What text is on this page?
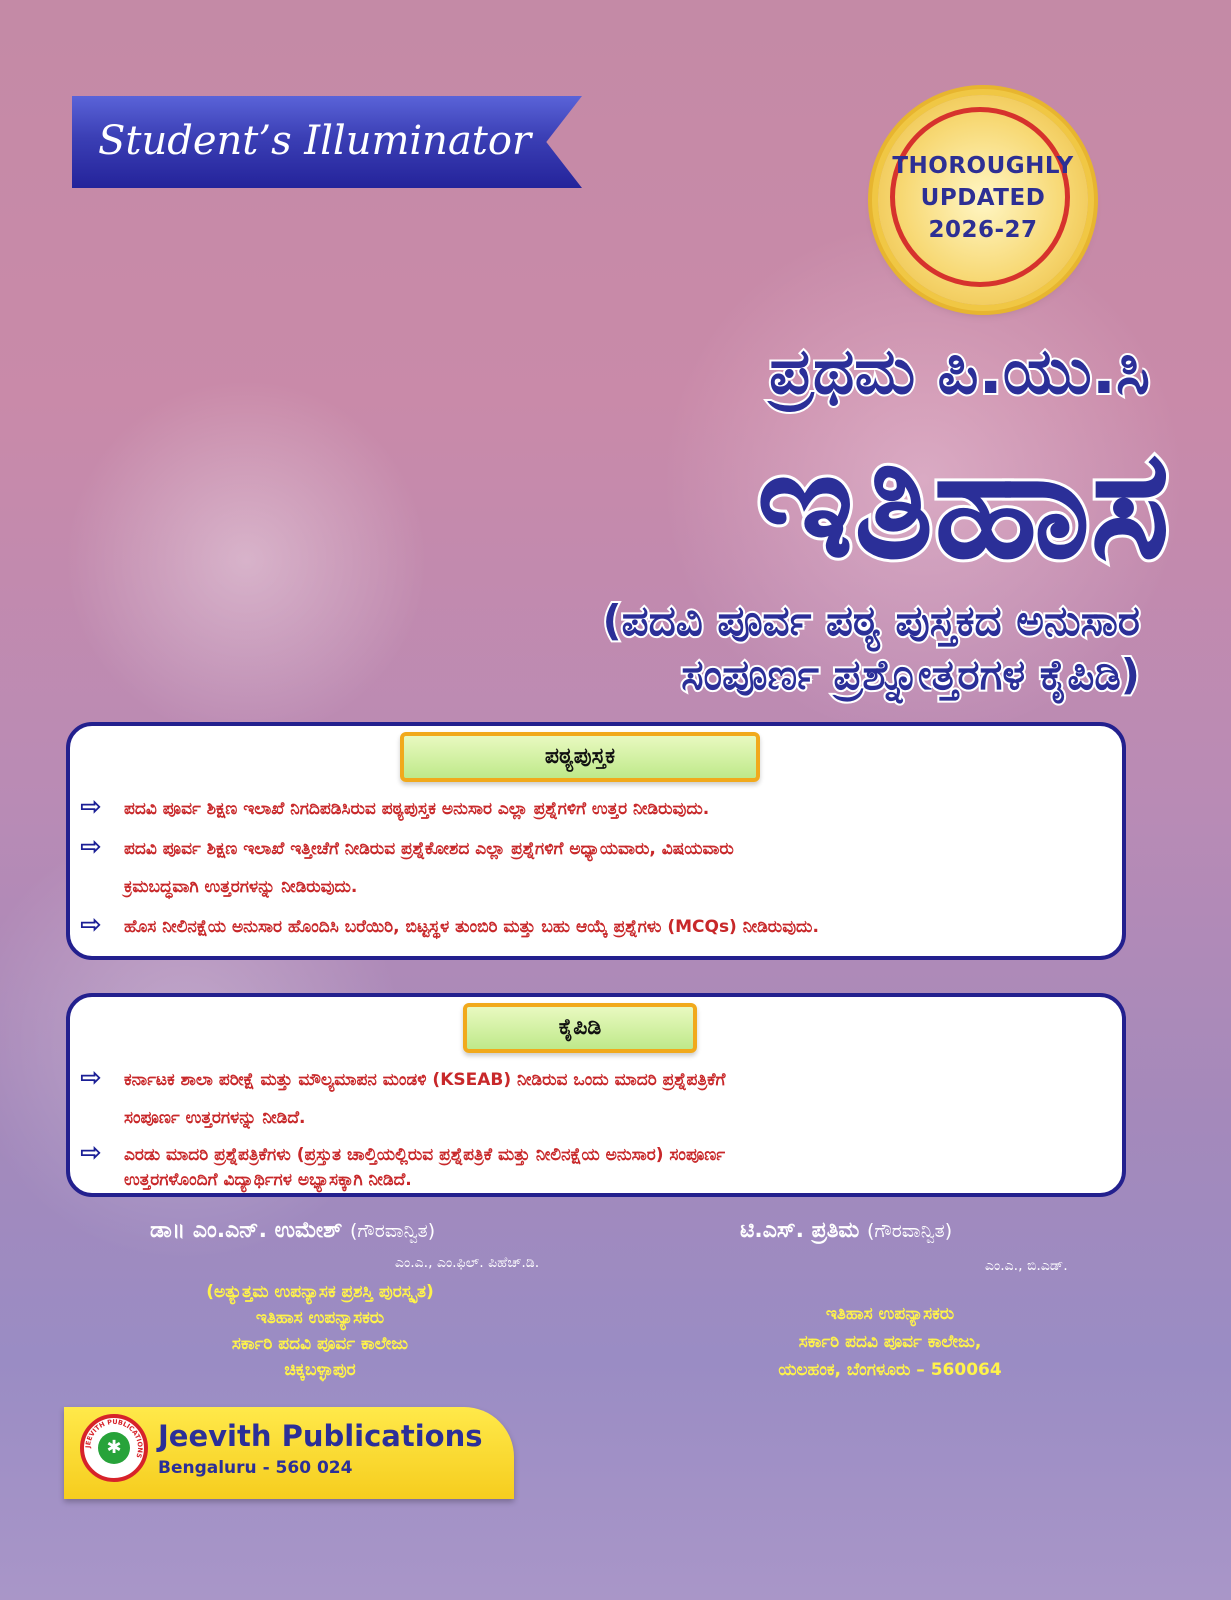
Student’s Illuminator
THOROUGHLY
UPDATED
2026-27
ಪ್ರಥಮ ಪಿ.ಯು.ಸಿ
ಇತಿಹಾಸ
(ಪದವಿ ಪೂರ್ವ ಪಠ್ಯ ಪುಸ್ತಕದ ಅನುಸಾರ
ಸಂಪೂರ್ಣ ಪ್ರಶ್ನೋತ್ತರಗಳ ಕೈಪಿಡಿ)
ಪಠ್ಯಪುಸ್ತಕ
⇨ ಪದವಿ ಪೂರ್ವ ಶಿಕ್ಷಣ ಇಲಾಖೆ ನಿಗದಿಪಡಿಸಿರುವ ಪಠ್ಯಪುಸ್ತಕ ಅನುಸಾರ ಎಲ್ಲಾ ಪ್ರಶ್ನೆಗಳಿಗೆ ಉತ್ತರ ನೀಡಿರುವುದು.
⇨ ಪದವಿ ಪೂರ್ವ ಶಿಕ್ಷಣ ಇಲಾಖೆ ಇತ್ತೀಚೆಗೆ ನೀಡಿರುವ ಪ್ರಶ್ನೆಕೋಶದ ಎಲ್ಲಾ ಪ್ರಶ್ನೆಗಳಿಗೆ ಅಧ್ಯಾಯವಾರು, ವಿಷಯವಾರು
ಕ್ರಮಬದ್ಧವಾಗಿ ಉತ್ತರಗಳನ್ನು ನೀಡಿರುವುದು.
⇨ ಹೊಸ ನೀಲಿನಕ್ಷೆಯ ಅನುಸಾರ ಹೊಂದಿಸಿ ಬರೆಯಿರಿ, ಬಿಟ್ಟಸ್ಥಳ ತುಂಬಿರಿ ಮತ್ತು ಬಹು ಆಯ್ಕೆ ಪ್ರಶ್ನೆಗಳು (MCQs) ನೀಡಿರುವುದು.
ಕೈಪಿಡಿ
⇨ ಕರ್ನಾಟಕ ಶಾಲಾ ಪರೀಕ್ಷೆ ಮತ್ತು ಮೌಲ್ಯಮಾಪನ ಮಂಡಳಿ (KSEAB) ನೀಡಿರುವ ಒಂದು ಮಾದರಿ ಪ್ರಶ್ನೆಪತ್ರಿಕೆಗೆ
ಸಂಪೂರ್ಣ ಉತ್ತರಗಳನ್ನು ನೀಡಿದೆ.
⇨ ಎರಡು ಮಾದರಿ ಪ್ರಶ್ನೆಪತ್ರಿಕೆಗಳು (ಪ್ರಸ್ತುತ ಚಾಲ್ತಿಯಲ್ಲಿರುವ ಪ್ರಶ್ನೆಪತ್ರಿಕೆ ಮತ್ತು ನೀಲಿನಕ್ಷೆಯ ಅನುಸಾರ) ಸಂಪೂರ್ಣ
ಉತ್ತರಗಳೊಂದಿಗೆ ವಿದ್ಯಾರ್ಥಿಗಳ ಅಭ್ಯಾಸಕ್ಕಾಗಿ ನೀಡಿದೆ.
ಡಾ॥ ಎಂ.ಎನ್. ಉಮೇಶ್ (ಗೌರವಾನ್ವಿತ)
ಎಂ.ಎ., ಎಂ.ಫಿಲ್. ಪಿಹೆಚ್.ಡಿ.
(ಅತ್ಯುತ್ತಮ ಉಪನ್ಯಾಸಕ ಪ್ರಶಸ್ತಿ ಪುರಸ್ಕೃತ)
ಇತಿಹಾಸ ಉಪನ್ಯಾಸಕರು
ಸರ್ಕಾರಿ ಪದವಿ ಪೂರ್ವ ಕಾಲೇಜು
ಚಿಕ್ಕಬಳ್ಳಾಪುರ
ಟಿ.ಎಸ್. ಪ್ರತಿಮ (ಗೌರವಾನ್ವಿತ)
ಎಂ.ಎ., ಬಿ.ಎಡ್.
ಇತಿಹಾಸ ಉಪನ್ಯಾಸಕರು
ಸರ್ಕಾರಿ ಪದವಿ ಪೂರ್ವ ಕಾಲೇಜು,
ಯಲಹಂಕ, ಬೆಂಗಳೂರು – 560064
JEEVITH PUBLICATIONS
✱ Jeevith Publications
Bengaluru - 560 024
